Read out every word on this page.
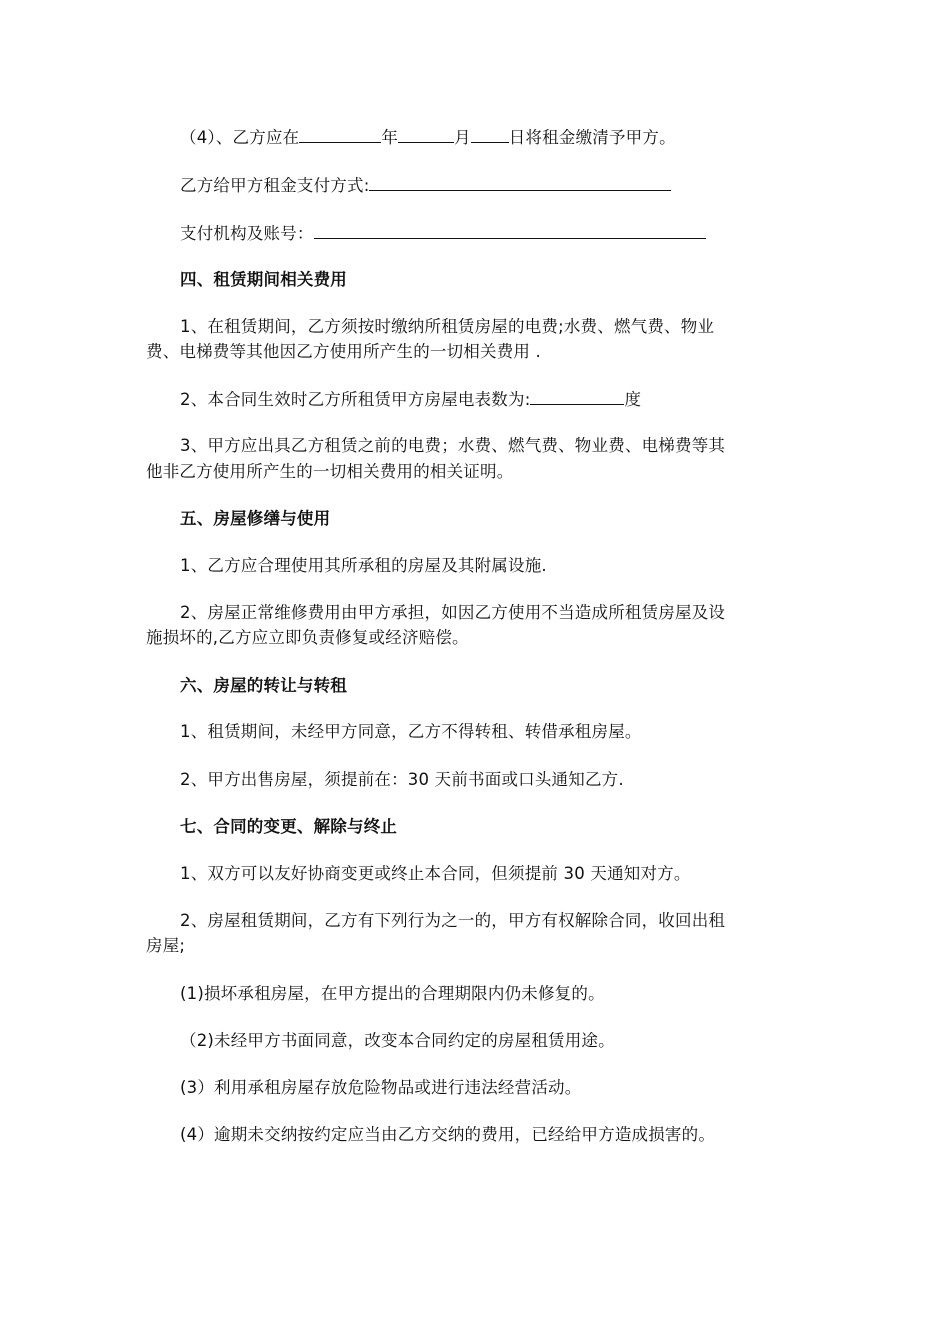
（4）、乙方应在	年	月 日将租金缴清予甲方。
乙方给甲方租金支付方式:
支付机构及账号：
四、租赁期间相关费用
1、在租赁期间，乙方须按时缴纳所租赁房屋的电费;水费、燃气费、物业
费、电梯费等其他因乙方使用所产生的一切相关费用 .
2、本合同生效时乙方所租赁甲方房屋电表数为:	度
3、甲方应出具乙方租赁之前的电费；水费、燃气费、物业费、电梯费等其
他非乙方使用所产生的一切相关费用的相关证明。
五、房屋修缮与使用
1、乙方应合理使用其所承租的房屋及其附属设施.
2、房屋正常维修费用由甲方承担，如因乙方使用不当造成所租赁房屋及设
施损坏的,乙方应立即负责修复或经济赔偿。
六、房屋的转让与转租
1、租赁期间，未经甲方同意，乙方不得转租、转借承租房屋。
2、甲方出售房屋，须提前在：30 天前书面或口头通知乙方.
七、合同的变更、解除与终止
1、双方可以友好协商变更或终止本合同，但须提前 30 天通知对方。
2、房屋租赁期间，乙方有下列行为之一的，甲方有权解除合同，收回出租
房屋;
(1)损坏承租房屋，在甲方提出的合理期限内仍未修复的。
（2)未经甲方书面同意，改变本合同约定的房屋租赁用途。
(3）利用承租房屋存放危险物品或进行违法经营活动。
(4）逾期未交纳按约定应当由乙方交纳的费用，已经给甲方造成损害的。
